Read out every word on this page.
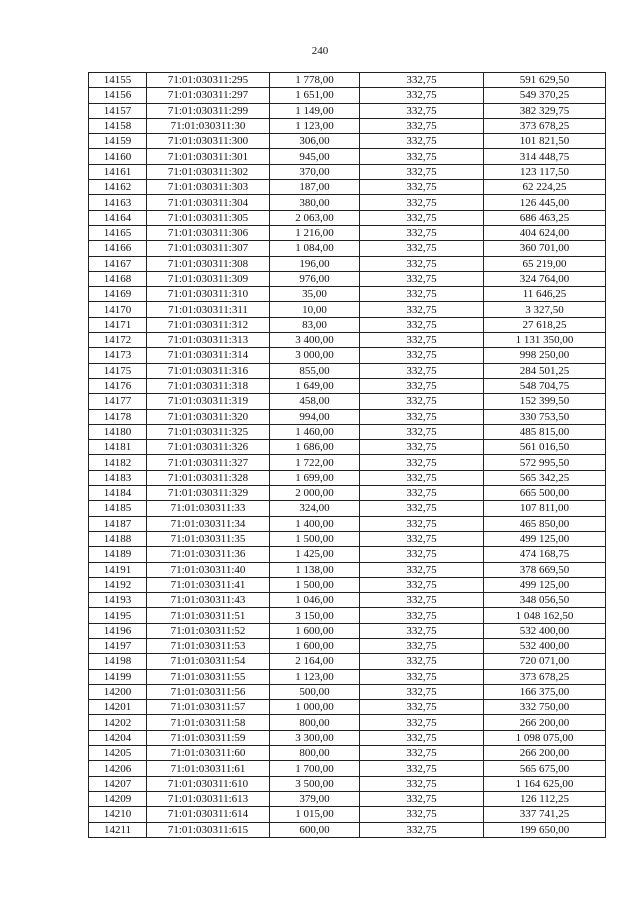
240
14155	71:01:030311:295	1 778,00	332,75	591 629,50
14156	71:01:030311:297	1 651,00	332,75	549 370,25
14157	71:01:030311:299	1 149,00	332,75	382 329,75
14158	71:01:030311:30	1 123,00	332,75	373 678,25
14159	71:01:030311:300	306,00	332,75	101 821,50
14160	71:01:030311:301	945,00	332,75	314 448,75
14161	71:01:030311:302	370,00	332,75	123 117,50
14162	71:01:030311:303	187,00	332,75	62 224,25
14163	71:01:030311:304	380,00	332,75	126 445,00
14164	71:01:030311:305	2 063,00	332,75	686 463,25
14165	71:01:030311:306	1 216,00	332,75	404 624,00
14166	71:01:030311:307	1 084,00	332,75	360 701,00
14167	71:01:030311:308	196,00	332,75	65 219,00
14168	71:01:030311:309	976,00	332,75	324 764,00
14169	71:01:030311:310	35,00	332,75	11 646,25
14170	71:01:030311:311	10,00	332,75	3 327,50
14171	71:01:030311:312	83,00	332,75	27 618,25
14172	71:01:030311:313	3 400,00	332,75	1 131 350,00
14173	71:01:030311:314	3 000,00	332,75	998 250,00
14175	71:01:030311:316	855,00	332,75	284 501,25
14176	71:01:030311:318	1 649,00	332,75	548 704,75
14177	71:01:030311:319	458,00	332,75	152 399,50
14178	71:01:030311:320	994,00	332,75	330 753,50
14180	71:01:030311:325	1 460,00	332,75	485 815,00
14181	71:01:030311:326	1 686,00	332,75	561 016,50
14182	71:01:030311:327	1 722,00	332,75	572 995,50
14183	71:01:030311:328	1 699,00	332,75	565 342,25
14184	71:01:030311:329	2 000,00	332,75	665 500,00
14185	71:01:030311:33	324,00	332,75	107 811,00
14187	71:01:030311:34	1 400,00	332,75	465 850,00
14188	71:01:030311:35	1 500,00	332,75	499 125,00
14189	71:01:030311:36	1 425,00	332,75	474 168,75
14191	71:01:030311:40	1 138,00	332,75	378 669,50
14192	71:01:030311:41	1 500,00	332,75	499 125,00
14193	71:01:030311:43	1 046,00	332,75	348 056,50
14195	71:01:030311:51	3 150,00	332,75	1 048 162,50
14196	71:01:030311:52	1 600,00	332,75	532 400,00
14197	71:01:030311:53	1 600,00	332,75	532 400,00
14198	71:01:030311:54	2 164,00	332,75	720 071,00
14199	71:01:030311:55	1 123,00	332,75	373 678,25
14200	71:01:030311:56	500,00	332,75	166 375,00
14201	71:01:030311:57	1 000,00	332,75	332 750,00
14202	71:01:030311:58	800,00	332,75	266 200,00
14204	71:01:030311:59	3 300,00	332,75	1 098 075,00
14205	71:01:030311:60	800,00	332,75	266 200,00
14206	71:01:030311:61	1 700,00	332,75	565 675,00
14207	71:01:030311:610	3 500,00	332,75	1 164 625,00
14209	71:01:030311:613	379,00	332,75	126 112,25
14210	71:01:030311:614	1 015,00	332,75	337 741,25
14211	71:01:030311:615	600,00	332,75	199 650,00
